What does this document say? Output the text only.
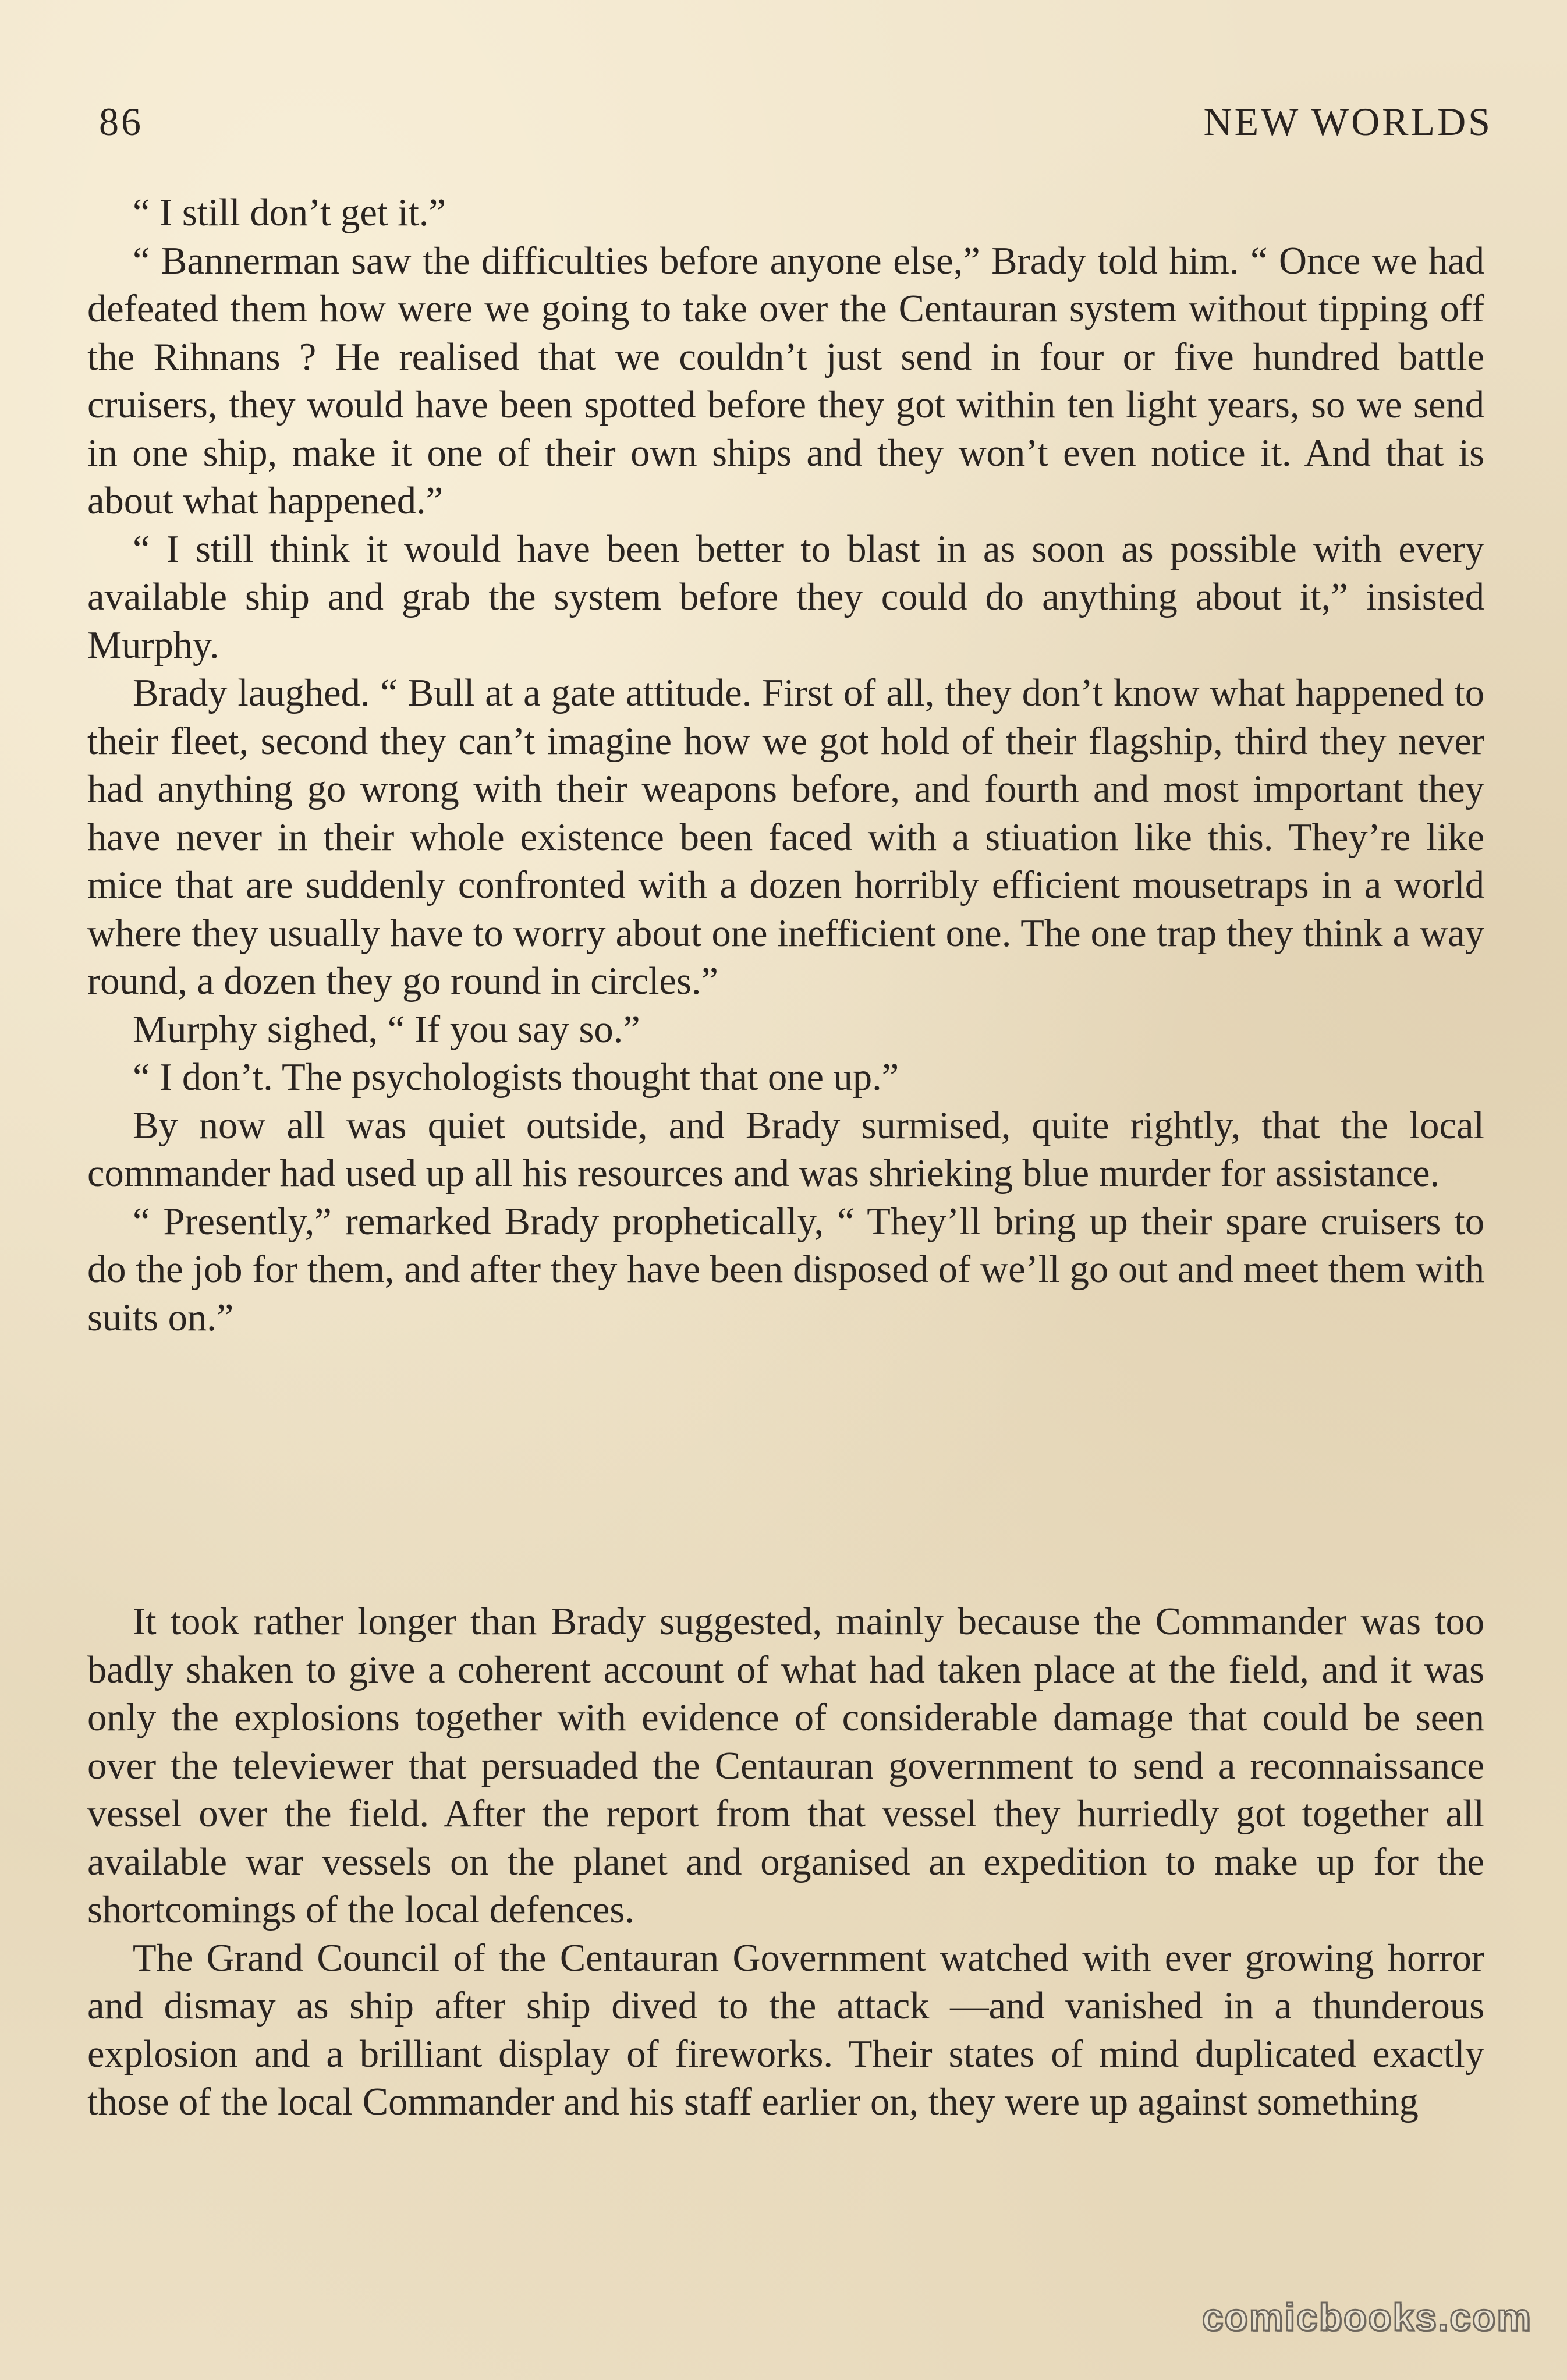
86	NEW WORLDS

“ I still don’t get it.”

“ Bannerman saw the difficulties before anyone else,” Brady told him. “ Once we had defeated them how were we going to take over the Centauran system without tipping off the Rihnans ? He realised that we couldn’t just send in four or five hundred battle cruisers, they would have been spotted before they got within ten light years, so we send in one ship, make it one of their own ships and they won’t even notice it. And that is about what happened.”

“ I still think it would have been better to blast in as soon as possible with every available ship and grab the system before they could do anything about it,” insisted Murphy.

Brady laughed. “ Bull at a gate attitude. First of all, they don’t know what happened to their fleet, second they can’t imagine how we got hold of their flagship, third they never had anything go wrong with their weapons before, and fourth and most important they have never in their whole existence been faced with a stiuation like this. They’re like mice that are suddenly confronted with a dozen horribly efficient mousetraps in a world where they usually have to worry about one inefficient one. The one trap they think a way round, a dozen they go round in circles.”

Murphy sighed, “ If you say so.”

“ I don’t. The psychologists thought that one up.”

By now all was quiet outside, and Brady surmised, quite rightly, that the local commander had used up all his resources and was shrieking blue murder for assistance.

“ Presently,” remarked Brady prophetically, “ They’ll bring up their spare cruisers to do the job for them, and after they have been disposed of we’ll go out and meet them with suits on.”

It took rather longer than Brady suggested, mainly because the Commander was too badly shaken to give a coherent account of what had taken place at the field, and it was only the explosions together with evidence of considerable damage that could be seen over the televiewer that persuaded the Centauran government to send a reconnaissance vessel over the field. After the report from that vessel they hurriedly got together all available war vessels on the planet and organised an expedition to make up for the shortcomings of the local defences.

The Grand Council of the Centauran Government watched with ever growing horror and dismay as ship after ship dived to the attack —and vanished in a thunderous explosion and a brilliant display of fireworks. Their states of mind duplicated exactly those of the local Commander and his staff earlier on, they were up against something

comicbooks.com
